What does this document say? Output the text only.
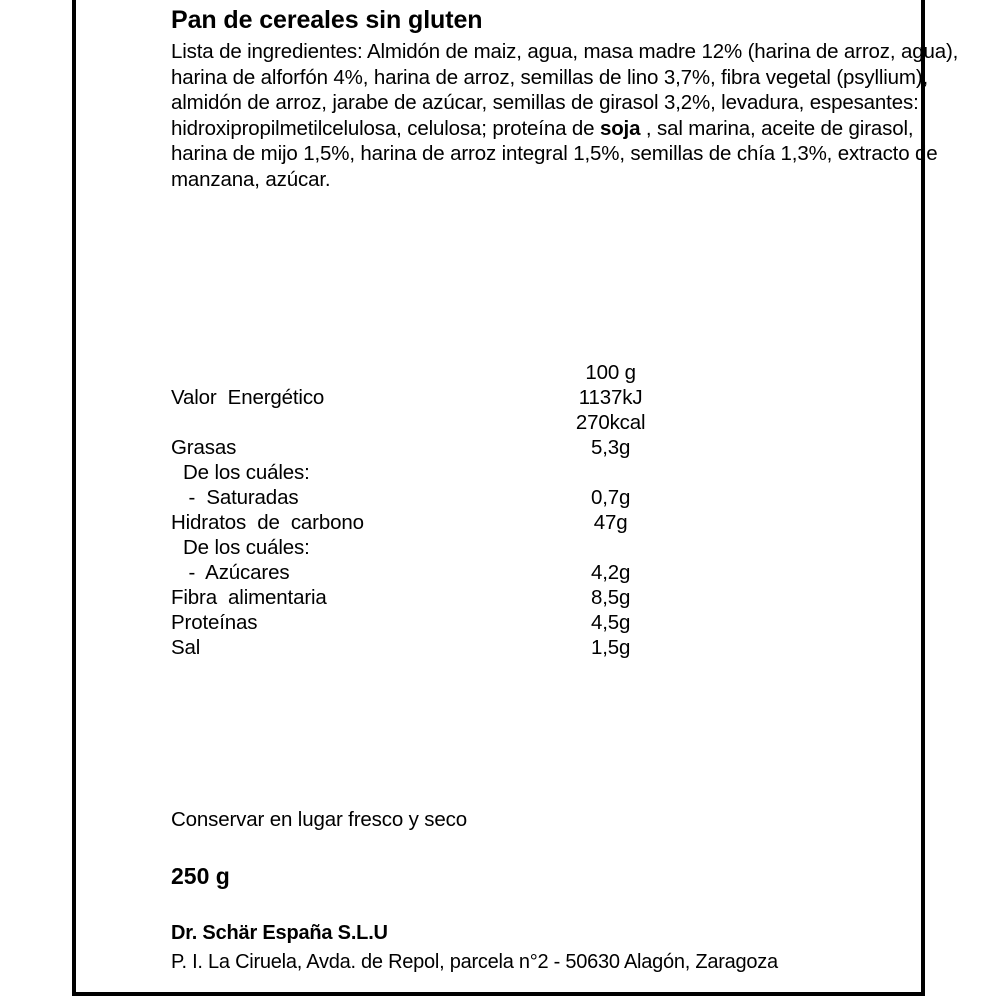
Pan de cereales sin gluten

Lista de ingredientes: Almidón de maiz, agua, masa madre 12% (harina de arroz, agua), harina de alforfón 4%, harina de arroz, semillas de lino 3,7%, fibra vegetal (psyllium), almidón de arroz, jarabe de azúcar, semillas de girasol 3,2%, levadura, espesantes: hidroxipropilmetilcelulosa, celulosa; proteína de soja , sal marina, aceite de girasol, harina de mijo 1,5%, harina de arroz integral 1,5%, semillas de chía 1,3%, extracto de manzana, azúcar.

	100 g
Valor  Energético	1137kJ
	270kcal
Grasas	5,3g
De los cuáles:	
-  Saturadas	0,7g
Hidratos  de  carbono	47g
De los cuáles:	
-  Azúcares	4,2g
Fibra  alimentaria	8,5g
Proteínas	4,5g
Sal	1,5g
Conservar en lugar fresco y seco
250 g
Dr. Schär España S.L.U
P. I. La Ciruela, Avda. de Repol, parcela n°2 - 50630 Alagón, Zaragoza
